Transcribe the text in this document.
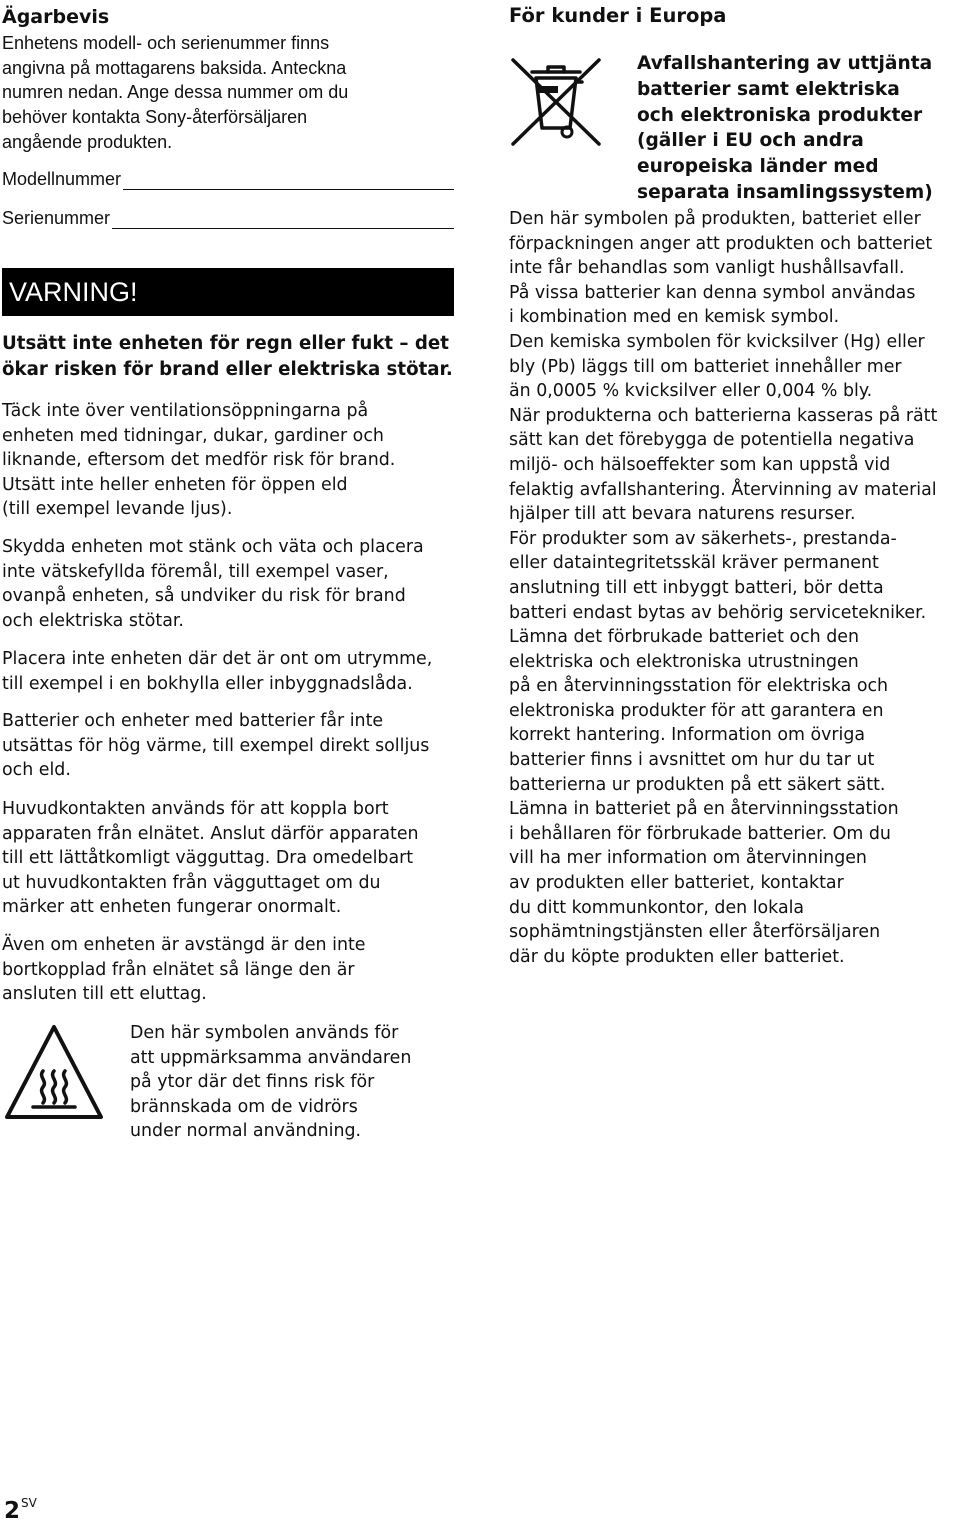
Ägarbevis

Enhetens modell- och serienummer finns
angivna på mottagarens baksida. Anteckna
numren nedan. Ange dessa nummer om du
behöver kontakta Sony-återförsäljaren
angående produkten.

Modellnummer
Serienummer
VARNING!

Utsätt inte enheten för regn eller fukt – det
ökar risken för brand eller elektriska stötar.

Täck inte över ventilationsöppningarna på
enheten med tidningar, dukar, gardiner och
liknande, eftersom det medför risk för brand.
Utsätt inte heller enheten för öppen eld
(till exempel levande ljus).

Skydda enheten mot stänk och väta och placera
inte vätskefyllda föremål, till exempel vaser,
ovanpå enheten, så undviker du risk för brand
och elektriska stötar.

Placera inte enheten där det är ont om utrymme,
till exempel i en bokhylla eller inbyggnadslåda.

Batterier och enheter med batterier får inte
utsättas för hög värme, till exempel direkt solljus
och eld.

Huvudkontakten används för att koppla bort
apparaten från elnätet. Anslut därför apparaten
till ett lättåtkomligt vägguttag. Dra omedelbart
ut huvudkontakten från vägguttaget om du
märker att enheten fungerar onormalt.

Även om enheten är avstängd är den inte
bortkopplad från elnätet så länge den är
ansluten till ett eluttag.

Den här symbolen används för
att uppmärksamma användaren
på ytor där det finns risk för
brännskada om de vidrörs
under normal användning.

$2^{SV}$

För kunder i Europa

Avfallshantering av uttjänta
batterier samt elektriska
och elektroniska produkter
(gäller i EU och andra
europeiska länder med
separata insamlingssystem)

Den här symbolen på produkten, batteriet eller
förpackningen anger att produkten och batteriet
inte får behandlas som vanligt hushållsavfall.

På vissa batterier kan denna symbol användas
i kombination med en kemisk symbol.

Den kemiska symbolen för kvicksilver (Hg) eller
bly (Pb) läggs till om batteriet innehåller mer
än 0,0005 % kvicksilver eller 0,004 % bly.

När produkterna och batterierna kasseras på rätt
sätt kan det förebygga de potentiella negativa
miljö- och hälsoeffekter som kan uppstå vid
felaktig avfallshantering. Återvinning av material
hjälper till att bevara naturens resurser.

För produkter som av säkerhets-, prestanda-
eller dataintegritetsskäl kräver permanent
anslutning till ett inbyggt batteri, bör detta
batteri endast bytas av behörig servicetekniker.

Lämna det förbrukade batteriet och den
elektriska och elektroniska utrustningen
på en återvinningsstation för elektriska och
elektroniska produkter för att garantera en
korrekt hantering. Information om övriga
batterier finns i avsnittet om hur du tar ut
batterierna ur produkten på ett säkert sätt.

Lämna in batteriet på en återvinningsstation
i behållaren för förbrukade batterier. Om du
vill ha mer information om återvinningen
av produkten eller batteriet, kontaktar
du ditt kommunkontor, den lokala
sophämtningstjänsten eller återförsäljaren
där du köpte produkten eller batteriet.
